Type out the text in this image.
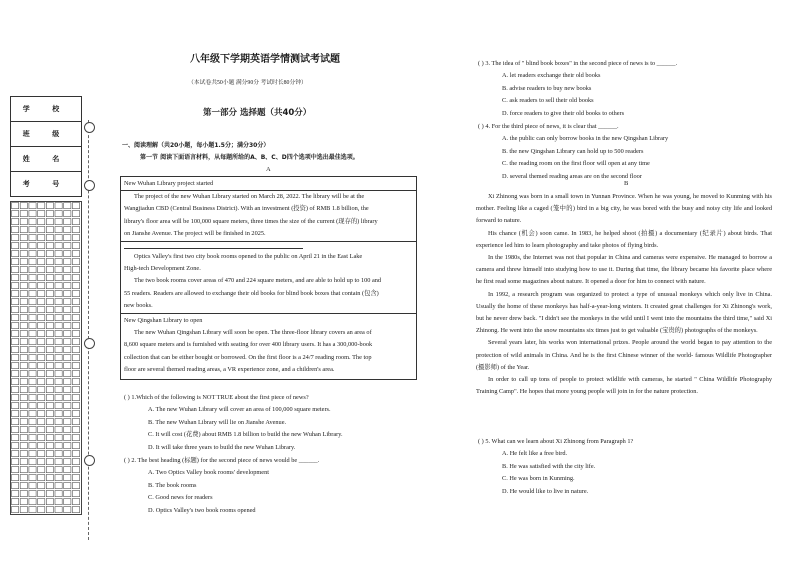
学 校
班 级
姓 名
考 号
八年级下学期英语学情测试考试题
（本试卷共50小题 满分90分 考试时长80分钟）
第一部分 选择题（共40分）
一、阅读理解（共20小题，每小题1.5分；满分30分）
第一节 阅读下面语言材料，从每题所给的A、B、C、D四个选项中选出最佳选项。
A
New Wuhan Library project started
The project of the new Wuhan Library started on March 28, 2022. The library will be at the
Wangjiadun CBD (Central Business District). With an investment (投资) of RMB 1.8 billion, the
library's floor area will be 100,000 square meters, three times the size of the current (现存的) library
on Jianshe Avenue. The project will be finished in 2025.
Optics Valley's first two city book rooms opened to the public on April 21 in the East Lake
High-tech Development Zone.
The two book rooms cover areas of 470 and 224 square meters, and are able to hold up to 100 and
55 readers. Readers are allowed to exchange their old books for blind book boxes that contain (包含)
new books.
New Qingshan Library to open
The new Wuhan Qingshan Library will soon be open. The three-floor library covers an area of
8,600 square meters and is furnished with seating for over 400 library users. It has a 300,000-book
collection that can be either bought or borrowed. On the first floor is a 24/7 reading room. The top
floor are several themed reading areas, a VR experience zone, and a children's area.
( ) 1.Which of the following is NOT TRUE about the first piece of news?
A. The new Wuhan Library will cover an area of 100,000 square meters.
B. The new Wuhan Library will lie on Jianshe Avenue.
C. It will cost (花费) about RMB 1.8 billion to build the new Wuhan Library.
D. It will take three years to build the new Wuhan Library.
( ) 2. The best heading (标题) for the second piece of news would be ______.
A. Two Optics Valley book rooms' development
B. The book rooms
C. Good news for readers
D. Optics Valley's two book rooms opened
( ) 3. The idea of " blind book boxes" in the second piece of news is to ______.
A. let readers exchange their old books
B. advise readers to buy new books
C. ask readers to sell their old books
D. force readers to give their old books to others
( ) 4. For the third piece of news, it is clear that ______.
A. the public can only borrow books in the new Qingshan Library
B. the new Qingshan Library can hold up to 500 readers
C. the reading room on the first floor will open at any time
D. several themed reading areas are on the second floor
B
Xi Zhinong was born in a small town in Yunnan Province. When he was young, he moved to Kunming with his mother. Feeling like a caged (笼中的) bird in a big city, he was bored with the busy and noisy city life and looked forward to nature.
His chance (机会) soon came. In 1983, he helped shoot (拍摄) a documentary (纪录片) about birds. That experience led him to learn photography and take photos of flying birds.
In the 1980s, the Internet was not that popular in China and cameras were expensive. He managed to borrow a camera and threw himself into studying how to use it. During that time, the library became his favorite place where he first read some magazines about nature. It opened a door for him to connect with nature.
In 1992, a research program was organized to protect a type of unusual monkeys which only live in China. Usually the home of these monkeys has half-a-year-long winters. It created great challenges for Xi Zhinong's work, but he never drew back. "I didn't see the monkeys in the wild until I went into the mountains the third time," said Xi Zhinong. He went into the snow mountains six times just to get valuable (宝贵的) photographs of the monkeys.
Several years later, his works won international prizes. People around the world began to pay attention to the protection of wild animals in China. And he is the first Chinese winner of the world- famous Wildlife Photographer (摄影师) of the Year.
In order to call up tons of people to protect wildlife with cameras, he started " China Wildlife Photography Training Camp". He hopes that more young people will join in for the nature protection.
( ) 5. What can we learn about Xi Zhinong from Paragraph 1?
A. He felt like a free bird.
B. He was satisfied with the city life.
C. He was born in Kunming.
D. He would like to live in nature.
